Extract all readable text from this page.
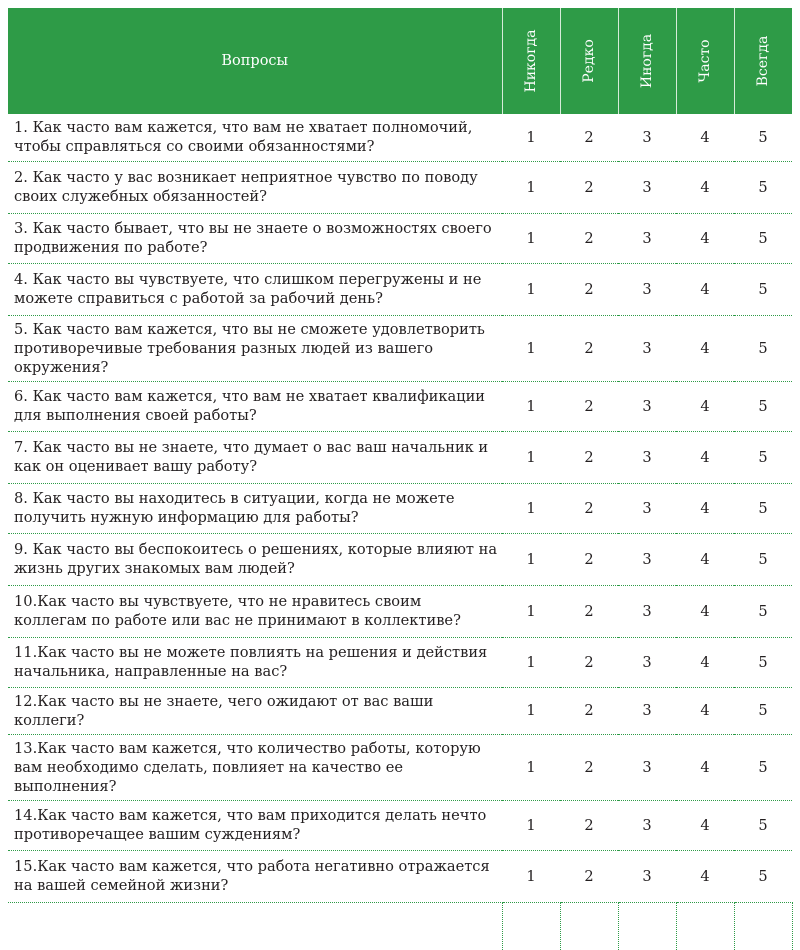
Вопросы	Никогда	Редко	Иногда	Часто	Всегда

1. Как часто вам кажется, что вам не хватает полномочий, чтобы справляться со своими обязанностями?	1	2	3	4	5
2. Как часто у вас возникает неприятное чувство по поводу своих служебных обязанностей?	1	2	3	4	5
3. Как часто бывает, что вы не знаете о возможностях своего продвижения по работе?	1	2	3	4	5
4. Как часто вы чувствуете, что слишком перегружены и не можете справиться с работой за рабочий день?	1	2	3	4	5
5. Как часто вам кажется, что вы не сможете удовлетворить противоречивые требования разных людей из вашего окружения?	1	2	3	4	5
6. Как часто вам кажется, что вам не хватает квалификации для выполнения своей работы?	1	2	3	4	5
7. Как часто вы не знаете, что думает о вас ваш начальник и как он оценивает вашу работу?	1	2	3	4	5
8. Как часто вы находитесь в ситуации, когда не можете получить нужную информацию для работы?	1	2	3	4	5
9. Как часто вы беспокоитесь о решениях, которые влияют на жизнь других знакомых вам людей?	1	2	3	4	5
10.Как часто вы чувствуете, что не нравитесь своим коллегам по работе или вас не принимают в коллективе?	1	2	3	4	5
11.Как часто вы не можете повлиять на решения и действия начальника, направленные на вас?	1	2	3	4	5
12.Как часто вы не знаете, чего ожидают от вас ваши коллеги?	1	2	3	4	5
13.Как часто вам кажется, что количество работы, которую вам необходимо сделать, повлияет на качество ее выполнения?	1	2	3	4	5
14.Как часто вам кажется, что вам приходится делать нечто противоречащее вашим суждениям?	1	2	3	4	5
15.Как часто вам кажется, что работа негативно отражается на вашей семейной жизни?	1	2	3	4	5
